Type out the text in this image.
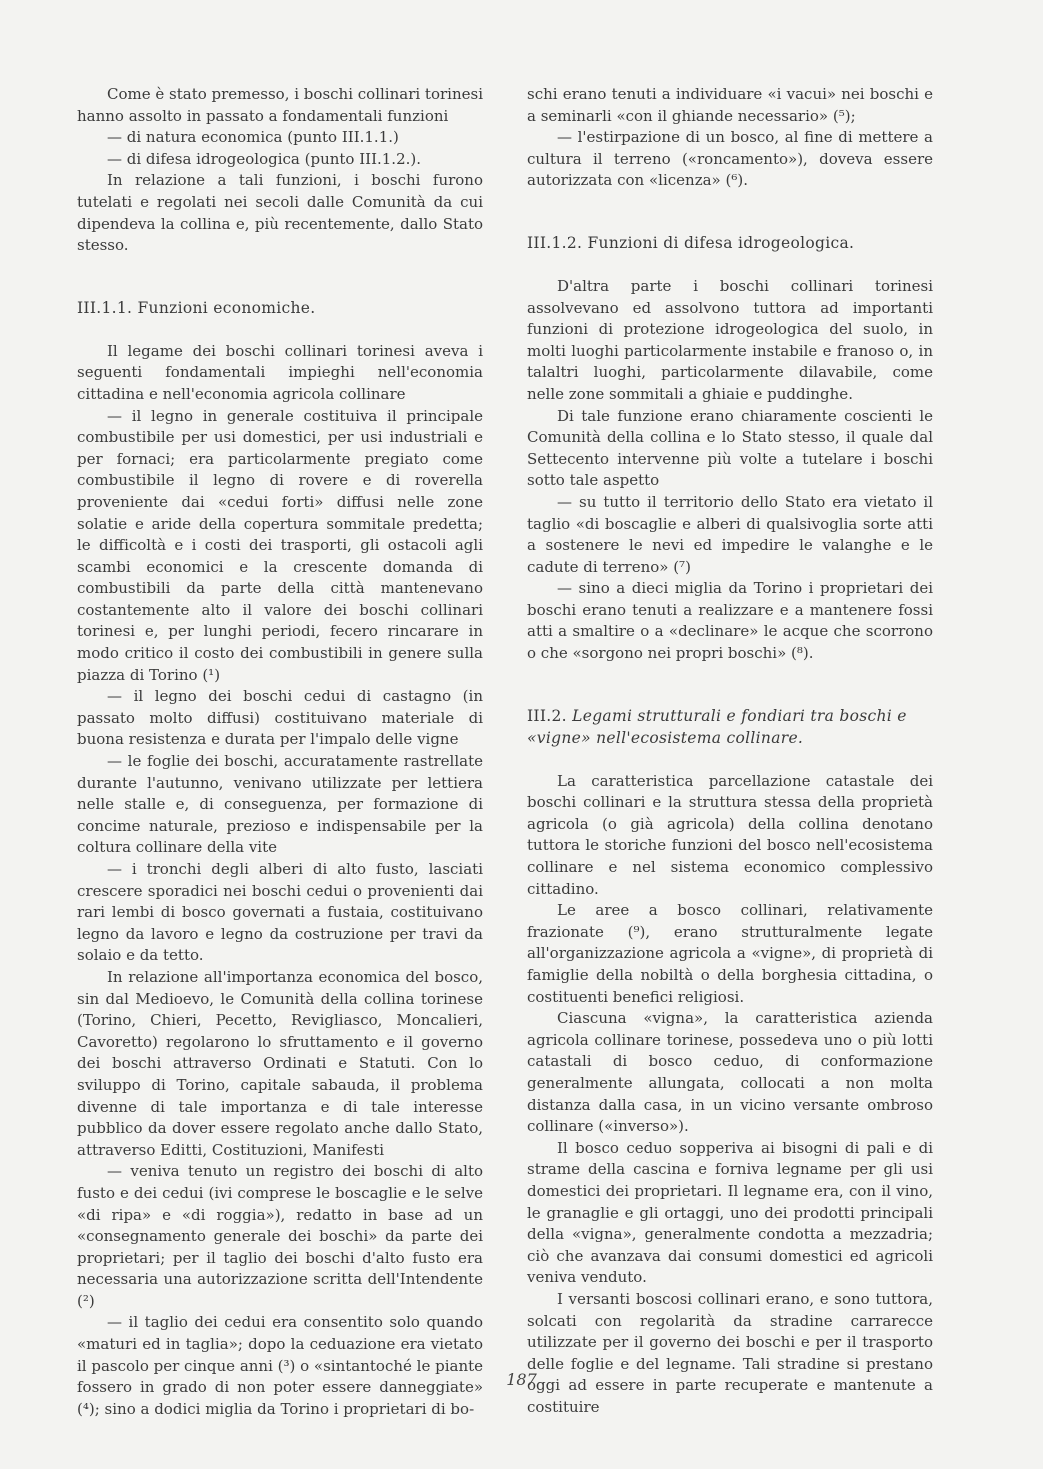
Come è stato premesso, i boschi collinari torinesi hanno assolto in passato a fondamentali funzioni

— di natura economica (punto III.1.1.)

— di difesa idrogeologica (punto III.1.2.).

In relazione a tali funzioni, i boschi furono tutelati e regolati nei secoli dalle Comunità da cui dipendeva la collina e, più recentemente, dallo Stato stesso.

III.1.1. Funzioni economiche.

Il legame dei boschi collinari torinesi aveva i seguenti fondamentali impieghi nell'economia cittadina e nell'economia agricola collinare

— il legno in generale costituiva il principale combustibile per usi domestici, per usi industriali e per fornaci; era particolarmente pregiato come combustibile il legno di rovere e di roverella proveniente dai «cedui forti» diffusi nelle zone solatie e aride della copertura sommitale predetta; le difficoltà e i costi dei trasporti, gli ostacoli agli scambi economici e la crescente domanda di combustibili da parte della città mantenevano costantemente alto il valore dei boschi collinari torinesi e, per lunghi periodi, fecero rincarare in modo critico il costo dei combustibili in genere sulla piazza di Torino (¹)

— il legno dei boschi cedui di castagno (in passato molto diffusi) costituivano materiale di buona resistenza e durata per l'impalo delle vigne

— le foglie dei boschi, accuratamente rastrellate durante l'autunno, venivano utilizzate per lettiera nelle stalle e, di conseguenza, per formazione di concime naturale, prezioso e indispensabile per la coltura collinare della vite

— i tronchi degli alberi di alto fusto, lasciati crescere sporadici nei boschi cedui o provenienti dai rari lembi di bosco governati a fustaia, costituivano legno da lavoro e legno da costruzione per travi da solaio e da tetto.

In relazione all'importanza economica del bosco, sin dal Medioevo, le Comunità della collina torinese (Torino, Chieri, Pecetto, Revigliasco, Moncalieri, Cavoretto) regolarono lo sfruttamento e il governo dei boschi attraverso Ordinati e Statuti. Con lo sviluppo di Torino, capitale sabauda, il problema divenne di tale importanza e di tale interesse pubblico da dover essere regolato anche dallo Stato, attraverso Editti, Costituzioni, Manifesti

— veniva tenuto un registro dei boschi di alto fusto e dei cedui (ivi comprese le boscaglie e le selve «di ripa» e «di roggia»), redatto in base ad un «consegnamento generale dei boschi» da parte dei proprietari; per il taglio dei boschi d'alto fusto era necessaria una autorizzazione scritta dell'Intendente (²)

— il taglio dei cedui era consentito solo quando «maturi ed in taglia»; dopo la ceduazione era vietato il pascolo per cinque anni (³) o «sintantoché le piante fossero in grado di non poter essere danneggiate» (⁴); sino a dodici miglia da Torino i proprietari di bo-

schi erano tenuti a individuare «i vacui» nei boschi e a seminarli «con il ghiande necessario» (⁵);

— l'estirpazione di un bosco, al fine di mettere a cultura il terreno («roncamento»), doveva essere autorizzata con «licenza» (⁶).

III.1.2. Funzioni di difesa idrogeologica.

D'altra parte i boschi collinari torinesi assolvevano ed assolvono tuttora ad importanti funzioni di protezione idrogeologica del suolo, in molti luoghi particolarmente instabile e franoso o, in talaltri luoghi, particolarmente dilavabile, come nelle zone sommitali a ghiaie e puddinghe.

Di tale funzione erano chiaramente coscienti le Comunità della collina e lo Stato stesso, il quale dal Settecento intervenne più volte a tutelare i boschi sotto tale aspetto

— su tutto il territorio dello Stato era vietato il taglio «di boscaglie e alberi di qualsivoglia sorte atti a sostenere le nevi ed impedire le valanghe e le cadute di terreno» (⁷)

— sino a dieci miglia da Torino i proprietari dei boschi erano tenuti a realizzare e a mantenere fossi atti a smaltire o a «declinare» le acque che scorrono o che «sorgono nei propri boschi» (⁸).

III.2. Legami strutturali e fondiari tra boschi e «vigne» nell'ecosistema collinare.

La caratteristica parcellazione catastale dei boschi collinari e la struttura stessa della proprietà agricola (o già agricola) della collina denotano tuttora le storiche funzioni del bosco nell'ecosistema collinare e nel sistema economico complessivo cittadino.

Le aree a bosco collinari, relativamente frazionate (⁹), erano strutturalmente legate all'organizzazione agricola a «vigne», di proprietà di famiglie della nobiltà o della borghesia cittadina, o costituenti benefici religiosi.

Ciascuna «vigna», la caratteristica azienda agricola collinare torinese, possedeva uno o più lotti catastali di bosco ceduo, di conformazione generalmente allungata, collocati a non molta distanza dalla casa, in un vicino versante ombroso collinare («inverso»).

Il bosco ceduo sopperiva ai bisogni di pali e di strame della cascina e forniva legname per gli usi domestici dei proprietari. Il legname era, con il vino, le granaglie e gli ortaggi, uno dei prodotti principali della «vigna», generalmente condotta a mezzadria; ciò che avanzava dai consumi domestici ed agricoli veniva venduto.

I versanti boscosi collinari erano, e sono tuttora, solcati con regolarità da stradine carrarecce utilizzate per il governo dei boschi e per il trasporto delle foglie e del legname. Tali stradine si prestano oggi ad essere in parte recuperate e mantenute a costituire

187
